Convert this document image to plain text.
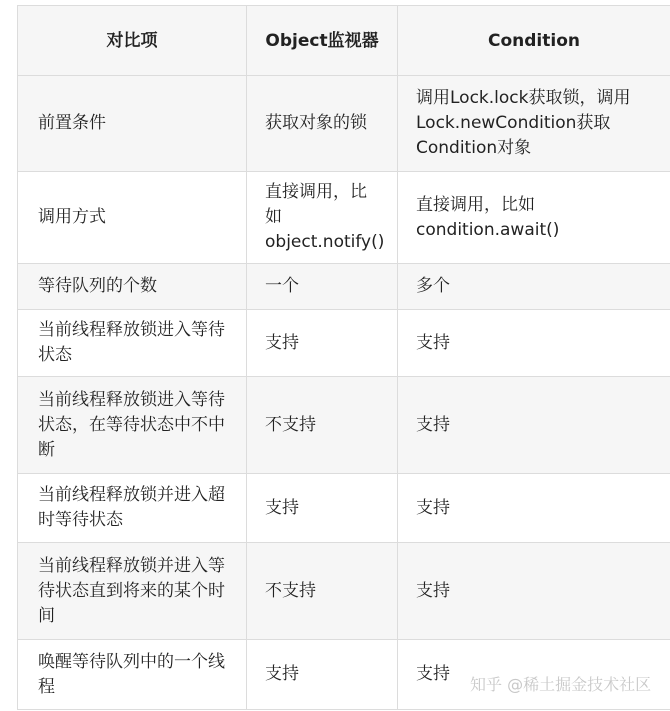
对比项	Object监视器	Condition
前置条件	获取对象的锁	调用Lock.lock获取锁，调用Lock.newCondition获取Condition对象
调用方式	直接调用，比如object.notify()	直接调用，比如condition.await()
等待队列的个数	一个	多个
当前线程释放锁进入等待状态	支持	支持
当前线程释放锁进入等待状态，在等待状态中不中断	不支持	支持
当前线程释放锁并进入超时等待状态	支持	支持
当前线程释放锁并进入等待状态直到将来的某个时间	不支持	支持
唤醒等待队列中的一个线程	支持	支持
知乎 @稀土掘金技术社区
